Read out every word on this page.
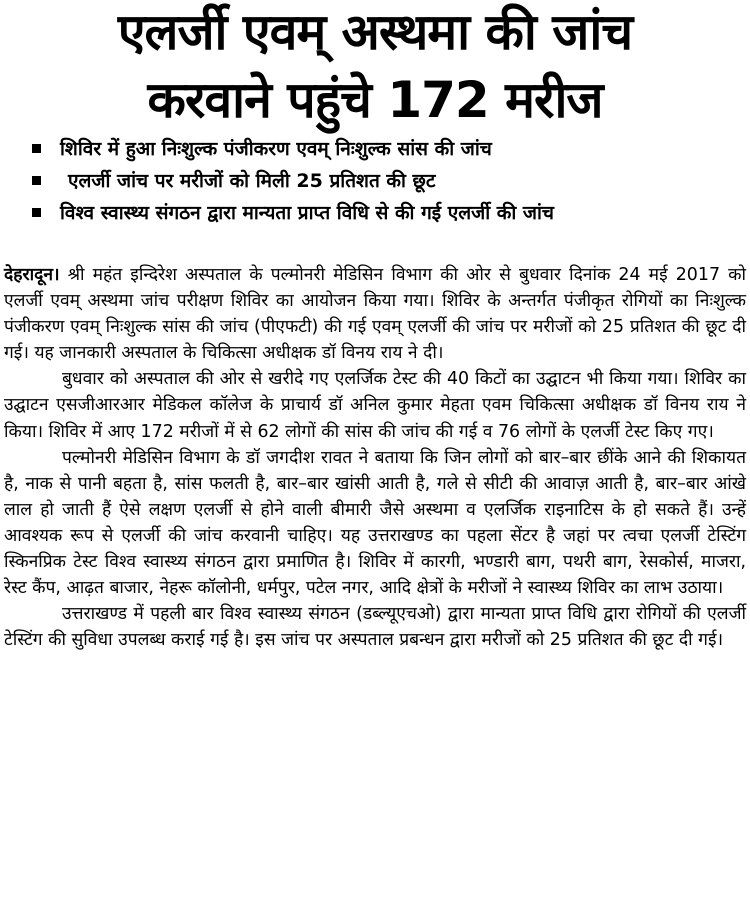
एलर्जी एवम् अस्थमा की जांच
करवाने पहुंचे 172 मरीज
शिविर में हुआ निःशुल्क पंजीकरण एवम् निःशुल्क सांस की जांच
एलर्जी जांच पर मरीजों को मिली 25 प्रतिशत की छूट
विश्व स्वास्थ्य संगठन द्वारा मान्यता प्राप्त विधि से की गई एलर्जी की जांच

देहरादून। श्री महंत इन्दिरेश अस्पताल के पल्मोनरी मेडिसिन विभाग की ओर से बुधवार दिनांक 24 मई 2017 को एलर्जी एवम् अस्थमा जांच परीक्षण शिविर का आयोजन किया गया। शिविर के अन्तर्गत पंजीकृत रोगियों का निःशुल्क पंजीकरण एवम् निःशुल्क सांस की जांच (पीएफटी) की गई एवम् एलर्जी की जांच पर मरीजों को 25 प्रतिशत की छूट दी गई। यह जानकारी अस्पताल के चिकित्सा अधीक्षक डॉ विनय राय ने दी।

बुधवार को अस्पताल की ओर से खरीदे गए एलर्जिक टेस्ट की 40 किटों का उद्घाटन भी किया गया। शिविर का उद्घाटन एसजीआरआर मेडिकल कॉलेज के प्राचार्य डॉ अनिल कुमार मेहता एवम चिकित्सा अधीक्षक डॉ विनय राय ने किया। शिविर में आए 172 मरीजों में से 62 लोगों की सांस की जांच की गई व 76 लोगों के एलर्जी टेस्ट किए गए।

पल्मोनरी मेडिसिन विभाग के डॉ जगदीश रावत ने बताया कि जिन लोगों को बार–बार छींके आने की शिकायत है, नाक से पानी बहता है, सांस फलती है, बार–बार खांसी आती है, गले से सीटी की आवाज़ आती है, बार–बार आंखे लाल हो जाती हैं ऐसे लक्षण एलर्जी से होने वाली बीमारी जैसे अस्थमा व एलर्जिक राइनाटिस के हो सकते हैं। उन्हें आवश्यक रूप से एलर्जी की जांच करवानी चाहिए। यह उत्तराखण्ड का पहला सेंटर है जहां पर त्वचा एलर्जी टेस्टिंग स्किनप्रिक टेस्ट विश्व स्वास्थ्य संगठन द्वारा प्रमाणित है। शिविर में कारगी, भण्डारी बाग, पथरी बाग, रेसकोर्स, माजरा, रेस्ट कैंप, आढ़त बाजार, नेहरू कॉलोनी, धर्मपुर, पटेल नगर, आदि क्षेत्रों के मरीजों ने स्वास्थ्य शिविर का लाभ उठाया।

उत्तराखण्ड में पहली बार विश्व स्वास्थ्य संगठन (डब्ल्यूएचओ) द्वारा मान्यता प्राप्त विधि द्वारा रोगियों की एलर्जी टेस्टिंग की सुविधा उपलब्ध कराई गई है। इस जांच पर अस्पताल प्रबन्धन द्वारा मरीजों को 25 प्रतिशत की छूट दी गई।
